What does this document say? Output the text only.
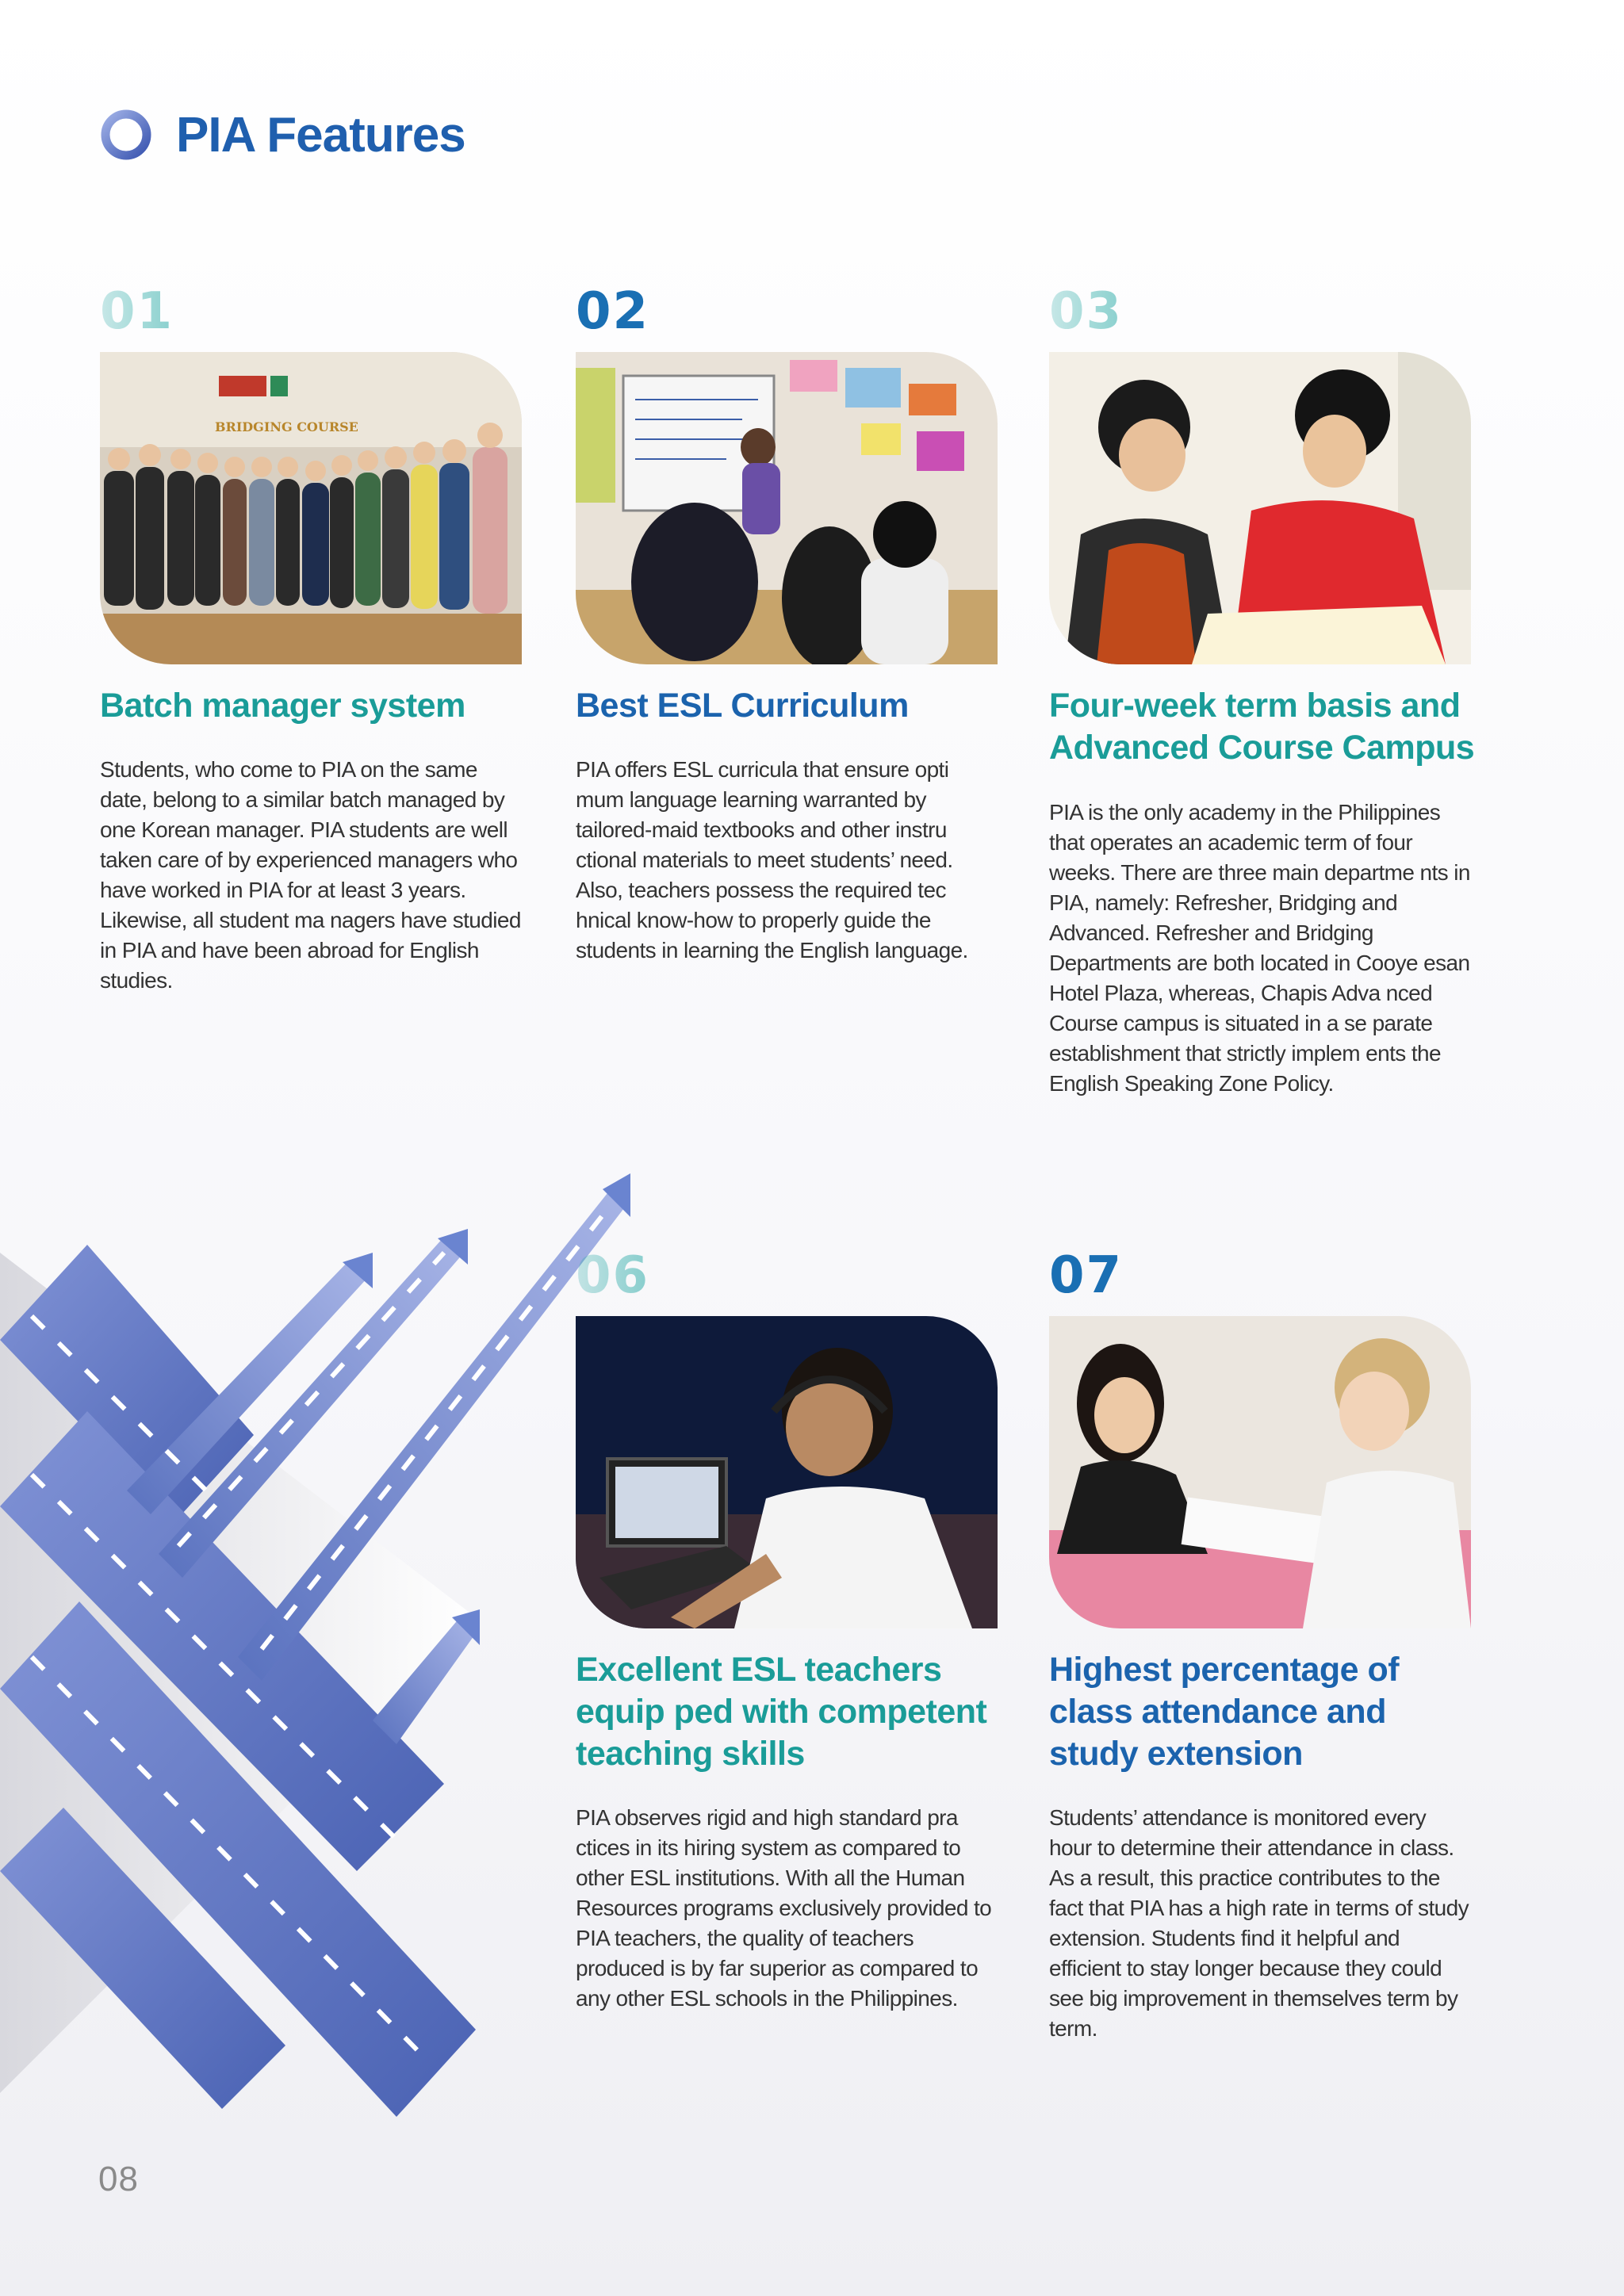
PIA Features
01
BRIDGING COURSE
Batch manager system
Students, who come to PIA on the same date, belong to a similar batch managed by one Korean manager. PIA students are well taken care of by experienced managers who have worked in PIA for at least 3 years. Likewise, all student ma nagers have studied in PIA and have been abroad for English studies.
02
Best ESL Curriculum
PIA offers ESL curricula that ensure opti mum language learning warranted by tailored-maid textbooks and other instru ctional materials to meet students’ need. Also, teachers possess the required tec hnical know-how to properly guide the students in learning the English language.
03
Four-week term basis and Advanced Course Campus
PIA is the only academy in the Philippines that operates an academic term of four weeks. There are three main departme nts in PIA, namely: Refresher, Bridging and Advanced. Refresher and Bridging Departments are both located in Cooye esan Hotel Plaza, whereas, Chapis Adva nced Course campus is situated in a se parate establishment that strictly implem ents the English Speaking Zone Policy.
06
Excellent ESL teachers equip ped with competent teaching skills
PIA observes rigid and high standard pra ctices in its hiring system as compared to other ESL institutions. With all the Human Resources programs exclusively provided to PIA teachers, the quality of teachers produced is by far superior as compared to any other ESL schools in the Philippines.
07
Highest percentage of class attendance and study extension
Students’ attendance is monitored every hour to determine their attendance in class. As a result, this practice contributes to the fact that PIA has a high rate in terms of study extension. Students find it helpful and efficient to stay longer because they could see big improvement in themselves term by term.
08
